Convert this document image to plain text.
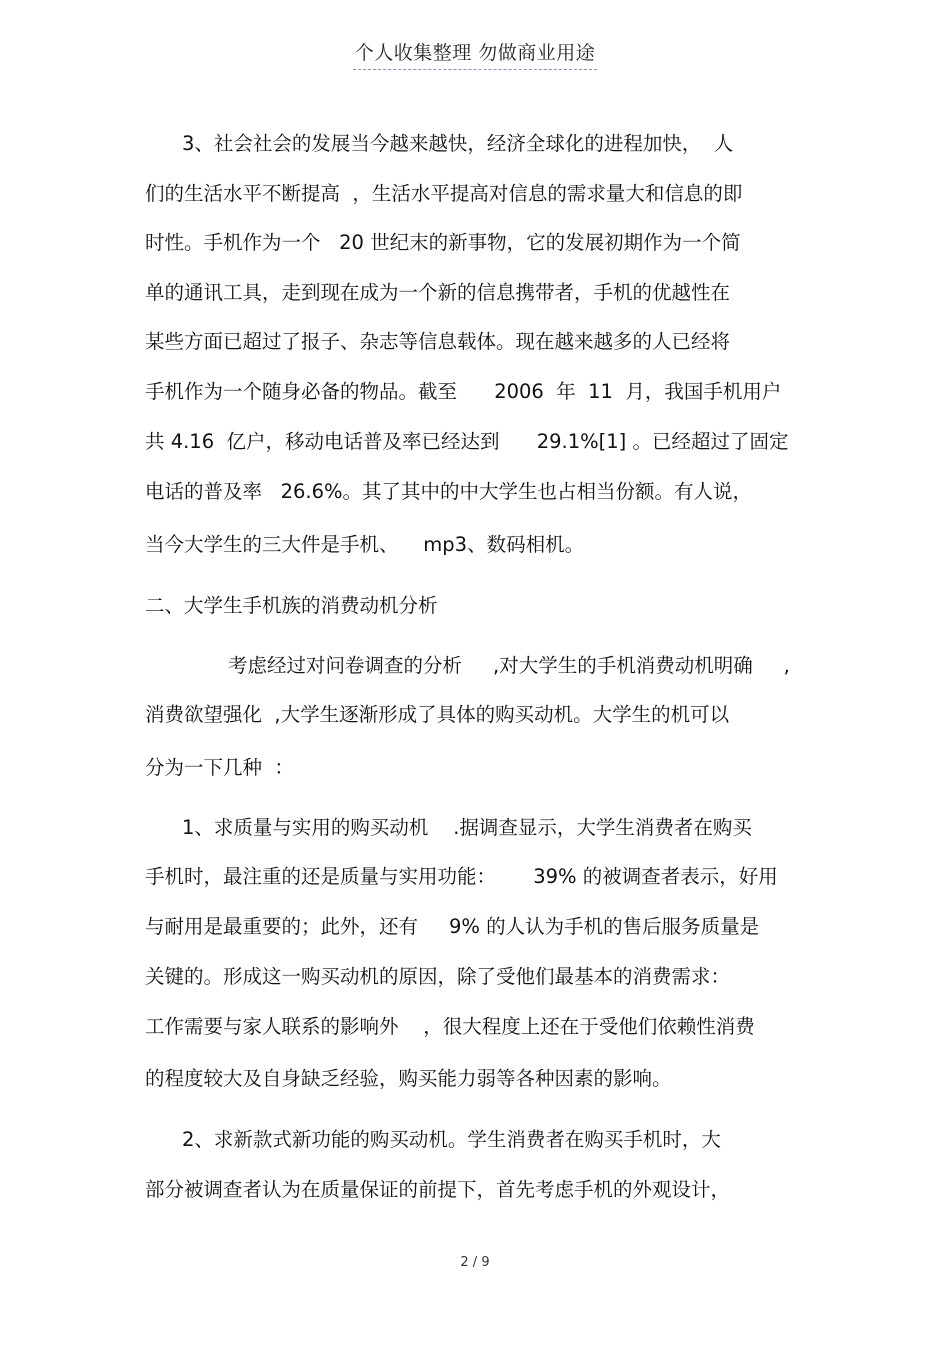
个人收集整理 勿做商业用途
3、社会社会的发展当今越来越快，经济全球化的进程加快，  人
们的生活水平不断提高  ，生活水平提高对信息的需求量大和信息的即
时性。手机作为一个   20 世纪末的新事物，它的发展初期作为一个简
单的通讯工具，走到现在成为一个新的信息携带者，手机的优越性在
某些方面已超过了报子、杂志等信息载体。现在越来越多的人已经将
手机作为一个随身必备的物品。截至      2006  年  11  月，我国手机用户
共 4.16  亿户，移动电话普及率已经达到      29.1%[1] 。已经超过了固定
电话的普及率   26.6%。其了其中的中大学生也占相当份额。有人说，
当今大学生的三大件是手机、    mp3、数码相机。
二、大学生手机族的消费动机分析
考虑经过对问卷调查的分析     ,对大学生的手机消费动机明确     ,
消费欲望强化  ,大学生逐渐形成了具体的购买动机。大学生的机可以
分为一下几种  ：
1、求质量与实用的购买动机    .据调查显示，大学生消费者在购买
手机时，最注重的还是质量与实用功能：      39% 的被调查者表示，好用
与耐用是最重要的；此外，还有     9% 的人认为手机的售后服务质量是
关键的。形成这一购买动机的原因，除了受他们最基本的消费需求：
工作需要与家人联系的影响外    ，很大程度上还在于受他们依赖性消费
的程度较大及自身缺乏经验，购买能力弱等各种因素的影响。
2、求新款式新功能的购买动机。学生消费者在购买手机时，大
部分被调查者认为在质量保证的前提下，首先考虑手机的外观设计，
2 / 9
